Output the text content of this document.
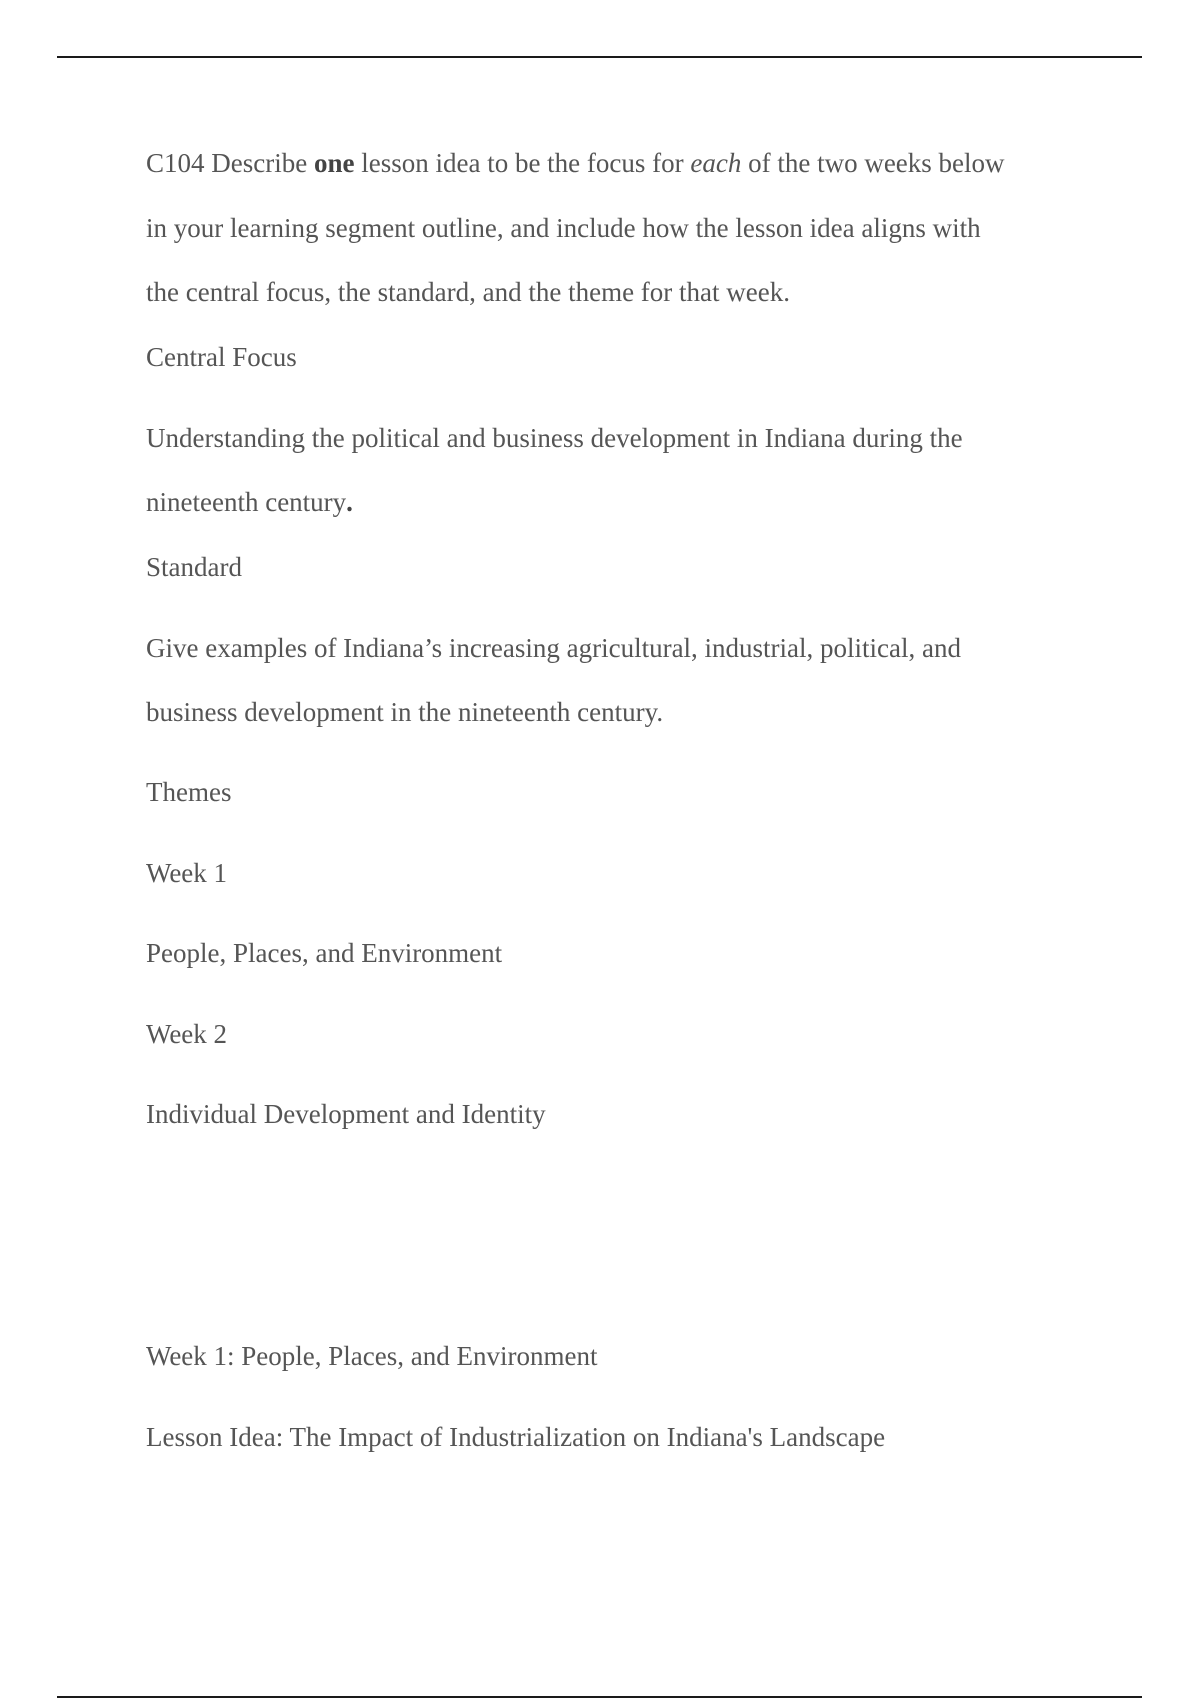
C104 Describe one lesson idea to be the focus for each of the two weeks below
in your learning segment outline, and include how the lesson idea aligns with
the central focus, the standard, and the theme for that week.
Central Focus
Understanding the political and business development in Indiana during the
nineteenth century.
Standard
Give examples of Indiana’s increasing agricultural, industrial, political, and
business development in the nineteenth century.
Themes
Week 1
People, Places, and Environment
Week 2
Individual Development and Identity
Week 1: People, Places, and Environment
Lesson Idea: The Impact of Industrialization on Indiana's Landscape
